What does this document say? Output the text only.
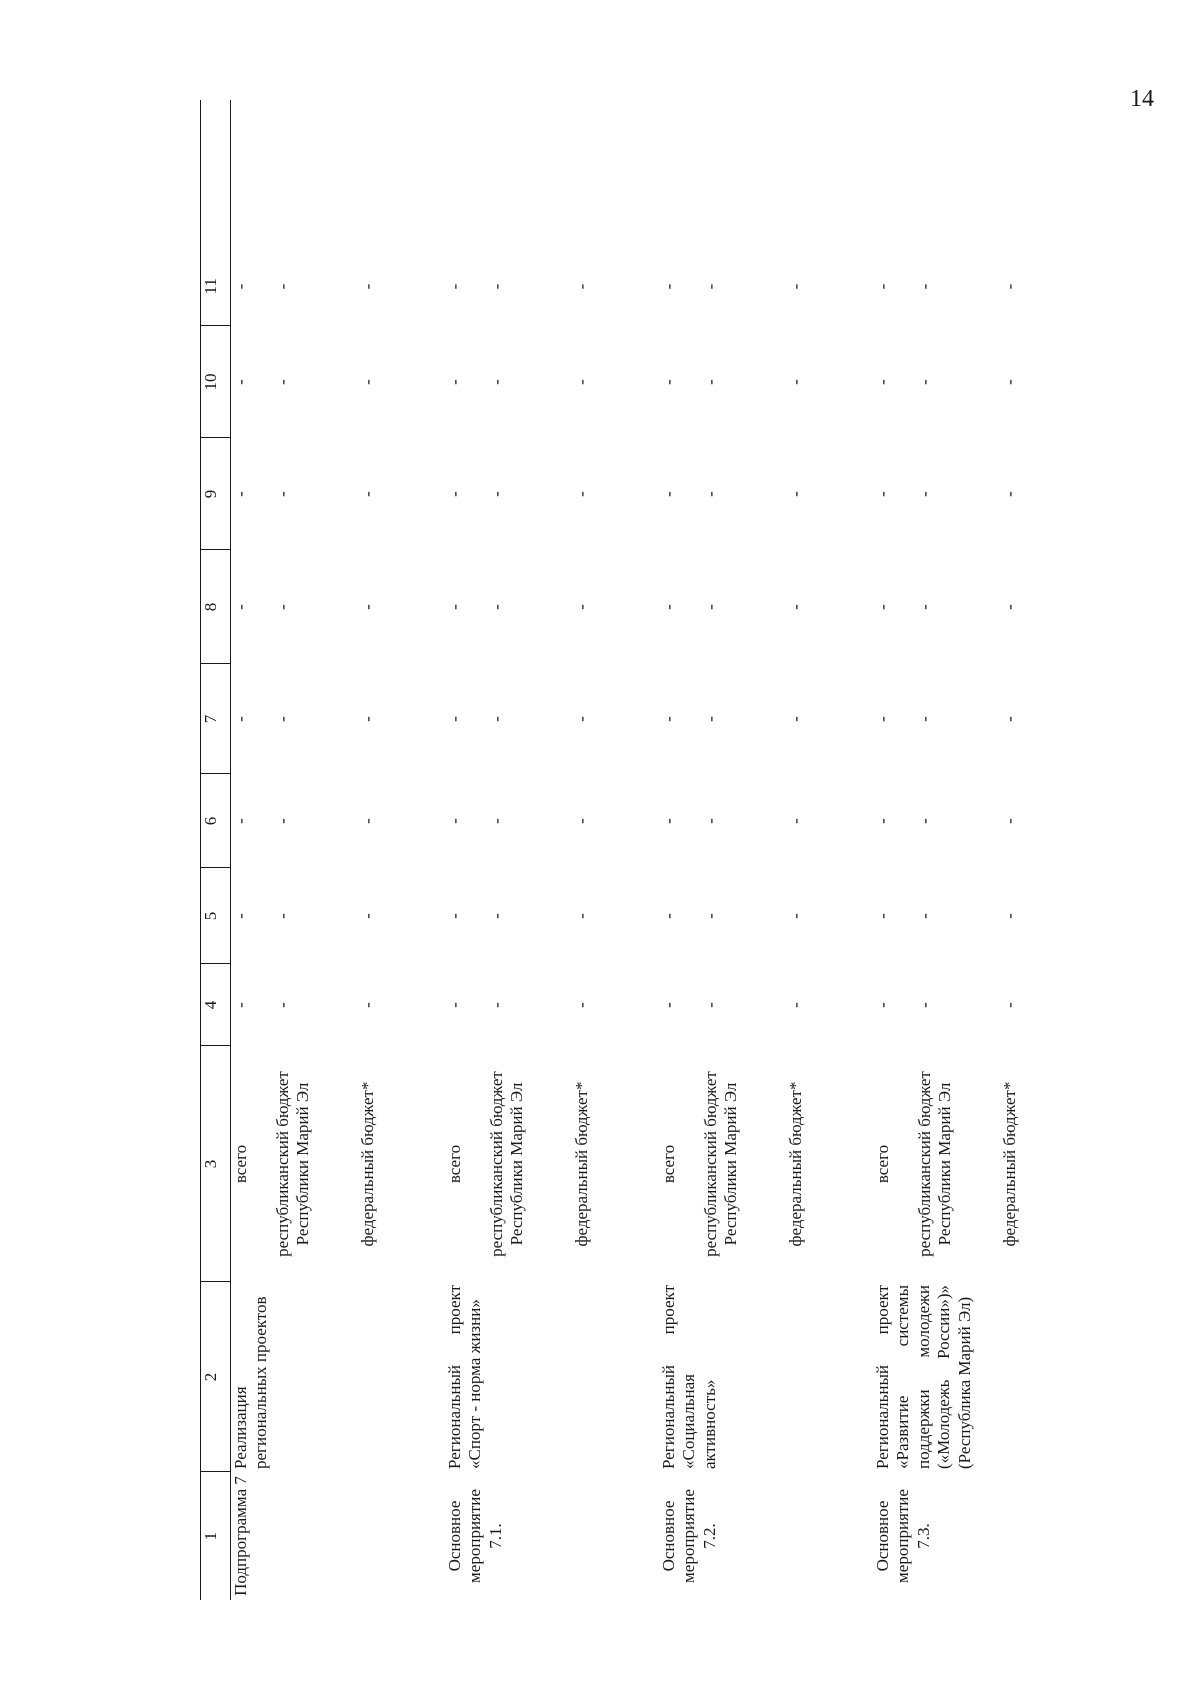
14
1	2	3	4	5	6	7	8	9	10	11	
Подпрограмма 7	Реализация региональных проектов	всего	-	-	-	-	-	-	-	-	
		республиканский бюджет Республики Марий Эл	-	-	-	-	-	-	-	-	
		федеральный бюджет*	-	-	-	-	-	-	-	-	
Основное мероприятие 7.1.	Региональный проект «Спорт - норма жизни»	всего	-	-	-	-	-	-	-	-	
		республиканский бюджет Республики Марий Эл	-	-	-	-	-	-	-	-	
		федеральный бюджет*	-	-	-	-	-	-	-	-	
Основное мероприятие 7.2.	Региональный проект «Социальная активность»	всего	-	-	-	-	-	-	-	-	
		республиканский бюджет Республики Марий Эл	-	-	-	-	-	-	-	-	
		федеральный бюджет*	-	-	-	-	-	-	-	-	
Основное мероприятие 7.3.	Региональный проект «Развитие системы поддержки молодежи («Молодежь России»)» (Республика Марий Эл)	всего	-	-	-	-	-	-	-	-	
		республиканский бюджет Республики Марий Эл	-	-	-	-	-	-	-	-	
		федеральный бюджет*	-	-	-	-	-	-	-	-	
